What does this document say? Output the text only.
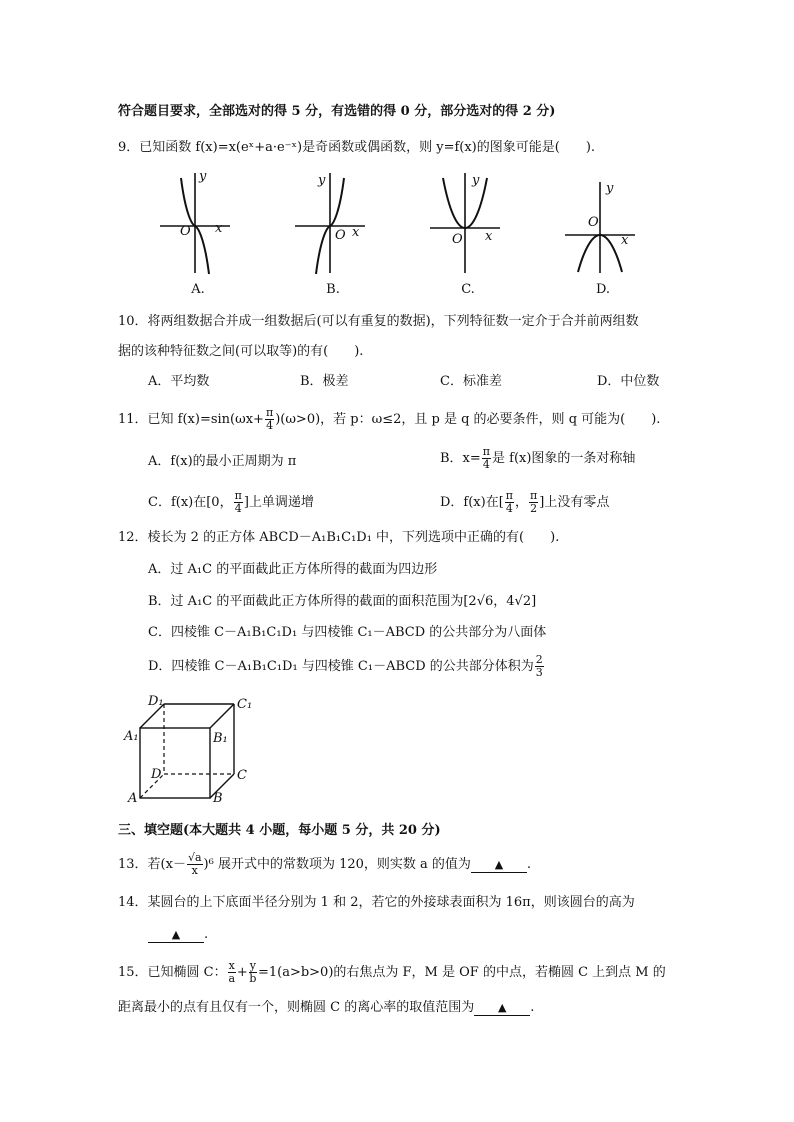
符合题目要求，全部选对的得 5 分，有选错的得 0 分，部分选对的得 2 分)
9．已知函数 f(x)=x(eˣ+a·e⁻ˣ)是奇函数或偶函数，则 y=f(x)的图象可能是(　　).
y
O x
A.
y
O x
B.
y
O x
C.
y
O
x
D.
10．将两组数据合并成一组数据后(可以有重复的数据)，下列特征数一定介于合并前两组数
据的该种特征数之间(可以取等)的有(　　).
A．平均数	B．极差	C．标准差	D．中位数
11．已知 $f(x)=\sin(\omega x+ \frac{\pi}{4} )(\omega>0)$，若 p：ω≤2，且 p 是 q 的必要条件，则 q 可能为(　　).
A．f(x)的最小正周期为 π	B．$x= \frac{\pi}{4}$ 是 f(x)图象的一条对称轴
C．f(x)在[0， $\frac{\pi}{4}$ ]上单调递增	D．f(x)在[ $\frac{\pi}{4}$ ， $\frac{\pi}{2}$ ]上没有零点
12．棱长为 2 的正方体 ABCD－A₁B₁C₁D₁ 中，下列选项中正确的有(　　).
A．过 A₁C 的平面截此正方体所得的截面为四边形
B．过 A₁C 的平面截此正方体所得的截面的面积范围为[2√6，4√2]
C．四棱锥 C－A₁B₁C₁D₁ 与四棱锥 C₁－ABCD 的公共部分为八面体
D．四棱锥 C－A₁B₁C₁D₁ 与四棱锥 C₁－ABCD 的公共部分体积为 $\frac{2}{3}$
D₁	C₁
A₁	B₁
D	C
A	B
三、填空题(本大题共 4 小题，每小题 5 分，共 20 分)
13．若$(x- \frac{√a}{x} )^6$ 展开式中的常数项为 120，则实数 a 的值为 ▲ .
14．某圆台的上下底面半径分别为 1 和 2，若它的外接球表面积为 16π，则该圆台的高为
▲ .
15．已知椭圆 C： $\frac{x}{a} + \frac{y}{b} =1(a>b>0)$的右焦点为 F，M 是 OF 的中点，若椭圆 C 上到点 M 的
距离最小的点有且仅有一个，则椭圆 C 的离心率的取值范围为 ▲ .
